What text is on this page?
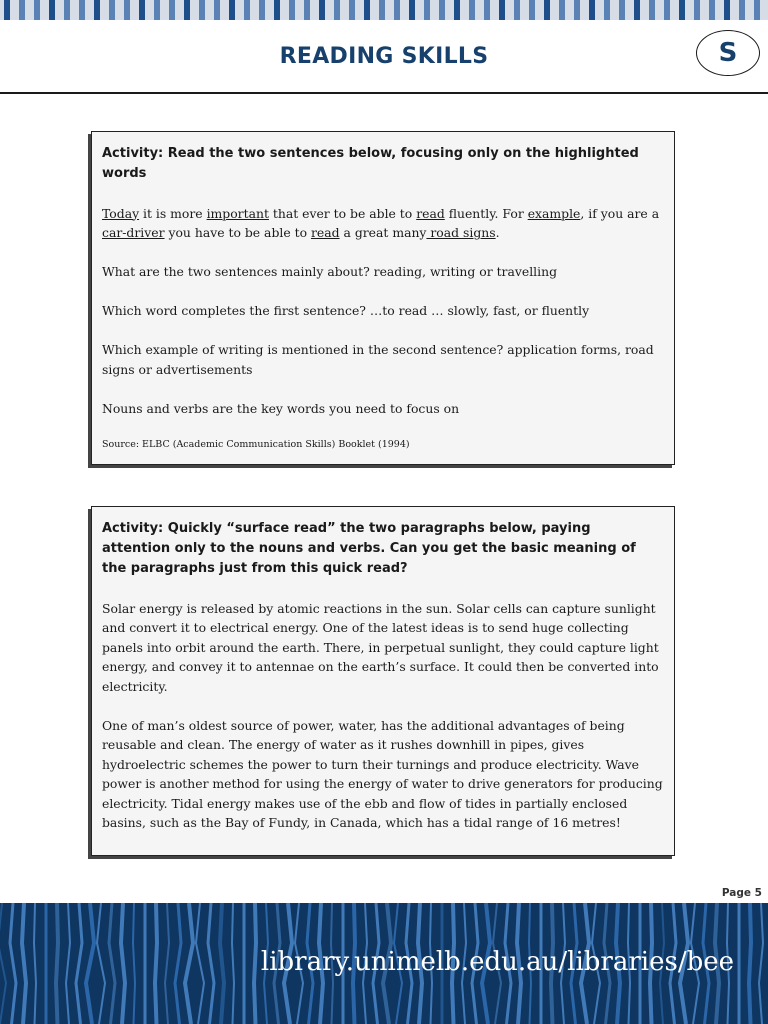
READING SKILLS	S

Activity: Read the two sentences below, focusing only on the highlighted words

Today it is more important that ever to be able to read fluently. For example, if you are a car-driver you have to be able to read a great many road signs.

What are the two sentences mainly about? reading, writing or travelling

Which word completes the first sentence? …to read … slowly, fast, or fluently

Which example of writing is mentioned in the second sentence? application forms, road signs or advertisements

Nouns and verbs are the key words you need to focus on

Source: ELBC (Academic Communication Skills) Booklet (1994)

Activity: Quickly “surface read” the two paragraphs below, paying attention only to the nouns and verbs. Can you get the basic meaning of the paragraphs just from this quick read?

Solar energy is released by atomic reactions in the sun. Solar cells can capture sunlight and convert it to electrical energy. One of the latest ideas is to send huge collecting panels into orbit around the earth. There, in perpetual sunlight, they could capture light energy, and convey it to antennae on the earth’s surface. It could then be converted into electricity.

One of man’s oldest source of power, water, has the additional advantages of being reusable and clean. The energy of water as it rushes downhill in pipes, gives hydroelectric schemes the power to turn their turnings and produce electricity. Wave power is another method for using the energy of water to drive generators for producing electricity. Tidal energy makes use of the ebb and flow of tides in partially enclosed basins, such as the Bay of Fundy, in Canada, which has a tidal range of 16 metres!

Page 5
library.unimelb.edu.au/libraries/bee
